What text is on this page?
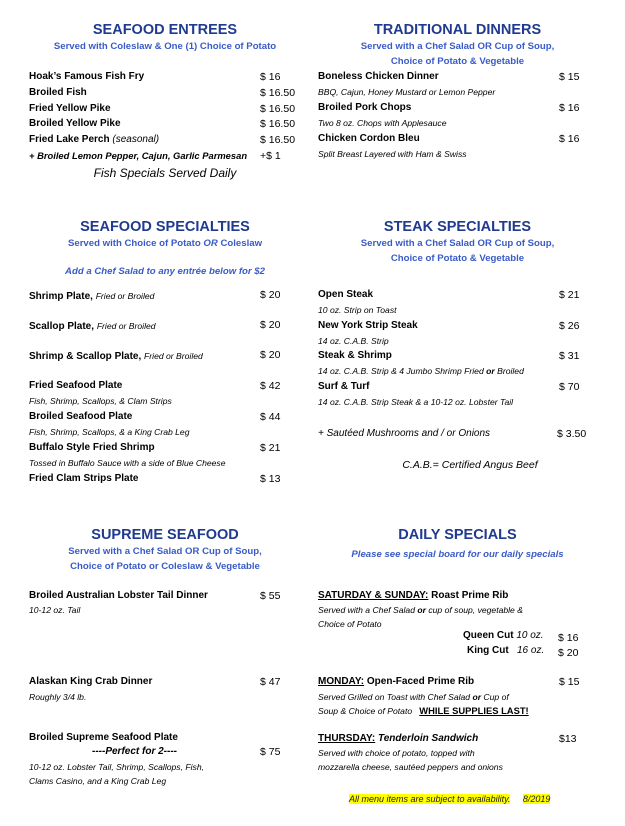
SEAFOOD ENTREES
Served with Coleslaw & One (1) Choice of Potato
Hoak’s Famous Fish Fry	$ 16
Broiled Fish	$ 16.50
Fried Yellow Pike	$ 16.50
Broiled Yellow Pike	$ 16.50
Fried Lake Perch (seasonal)	$ 16.50
+ Broiled Lemon Pepper, Cajun, Garlic Parmesan +$ 1
Fish Specials Served Daily
TRADITIONAL DINNERS
Served with a Chef Salad OR Cup of Soup,
Choice of Potato & Vegetable
Boneless Chicken Dinner	$ 15
BBQ, Cajun, Honey Mustard or Lemon Pepper
Broiled Pork Chops	$ 16
Two 8 oz. Chops with Applesauce
Chicken Cordon Bleu	$ 16
Split Breast Layered with Ham & Swiss
SEAFOOD SPECIALTIES
Served with Choice of Potato OR Coleslaw
Add a Chef Salad to any entrée below for $2
Shrimp Plate, Fried or Broiled	$ 20
Scallop Plate, Fried or Broiled	$ 20
Shrimp & Scallop Plate, Fried or Broiled	$ 20
Fried Seafood Plate	$ 42
Fish, Shrimp, Scallops, & Clam Strips
Broiled Seafood Plate	$ 44
Fish, Shrimp, Scallops, & a King Crab Leg
Buffalo Style Fried Shrimp	$ 21
Tossed in Buffalo Sauce with a side of Blue Cheese
Fried Clam Strips Plate	$ 13
STEAK SPECIALTIES
Served with a Chef Salad OR Cup of Soup,
Choice of Potato & Vegetable
Open Steak	$ 21
10 oz. Strip on Toast
New York Strip Steak	$ 26
14 oz. C.A.B. Strip
Steak & Shrimp	$ 31
14 oz. C.A.B. Strip & 4 Jumbo Shrimp Fried or Broiled
Surf & Turf	$ 70
14 oz. C.A.B. Strip Steak & a 10-12 oz. Lobster Tail
+ Sautéed Mushrooms and / or Onions	$ 3.50
C.A.B.= Certified Angus Beef
SUPREME SEAFOOD
Served with a Chef Salad OR Cup of Soup,
Choice of Potato or Coleslaw & Vegetable
Broiled Australian Lobster Tail Dinner	$ 55
10-12 oz. Tail
Alaskan King Crab Dinner	$ 47
Roughly 3/4 lb.
Broiled Supreme Seafood Plate
----Perfect for 2----	$ 75
10-12 oz. Lobster Tail, Shrimp, Scallops, Fish,
Clams Casino, and a King Crab Leg
DAILY SPECIALS
Please see special board for our daily specials
SATURDAY & SUNDAY: Roast Prime Rib
Served with a Chef Salad or cup of soup, vegetable &
Choice of Potato
Queen Cut 10 oz. $ 16
King Cut 16 oz. $ 20
MONDAY: Open-Faced Prime Rib	$ 15
Served Grilled on Toast with Chef Salad or Cup of
Soup & Choice of Potato WHILE SUPPLIES LAST!
THURSDAY: Tenderloin Sandwich	$13
Served with choice of potato, topped with
mozzarella cheese, sautéed peppers and onions
All menu items are subject to availability. 8/2019
